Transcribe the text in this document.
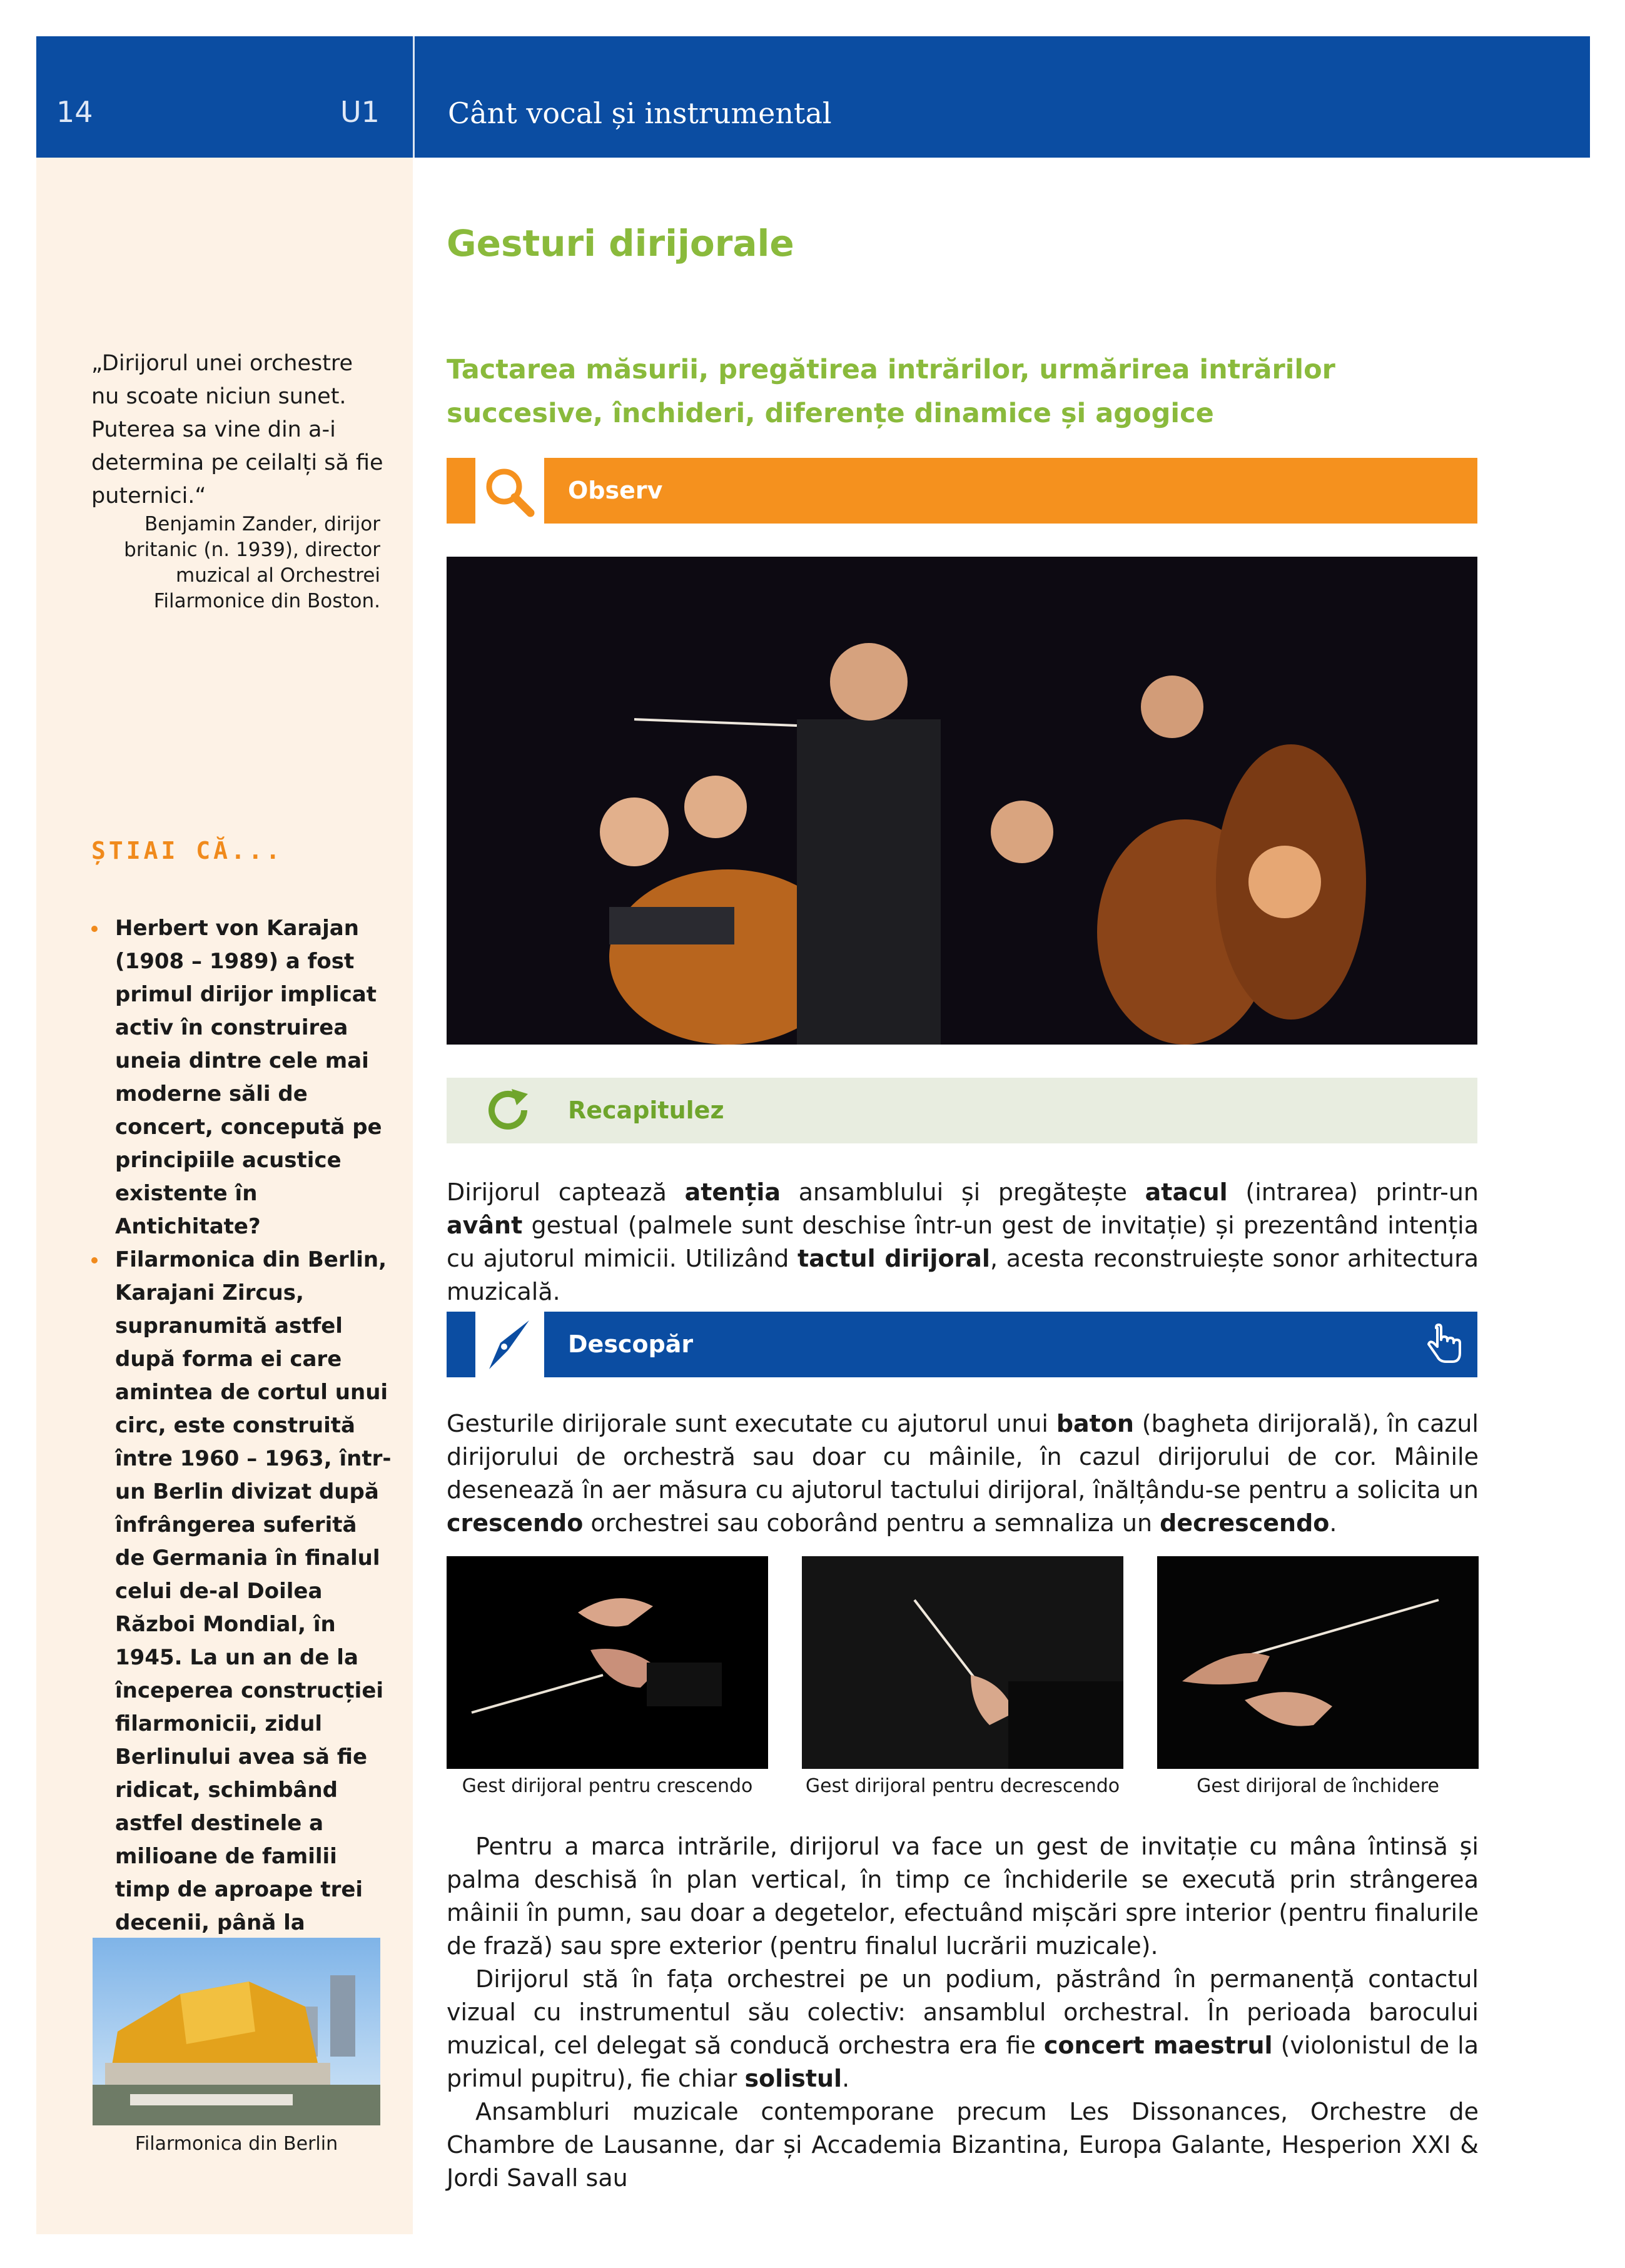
14	U1 Cânt vocal și instrumental
„Dirijorul unei orchestre nu scoate niciun sunet. Puterea sa vine din a-i determina pe ceilalți să fie puternici.“
Benjamin Zander, dirijor britanic (n. 1939), director muzical al Orchestrei Filarmonice din Boston.
ȘTIAI CĂ...
Herbert von Karajan (1908 – 1989) a fost primul dirijor implicat activ în construirea uneia dintre cele mai moderne săli de concert, concepută pe principiile acustice existente în Antichitate?
Filarmonica din Berlin, Karajani Zircus, supranumită astfel după forma ei care amintea de cortul unui circ, este construită între 1960 – 1963, într-un Berlin divizat după înfrângerea suferită de Germania în finalul celui de-al Doilea Război Mondial, în 1945. La un an de la începerea construcției filarmonicii, zidul Berlinului avea să fie ridicat, schimbând astfel destinele a milioane de familii timp de aproape trei decenii, până la
Filarmonica din Berlin
Gesturi dirijorale
Tactarea măsurii, pregătirea intrărilor, urmărirea intrărilor succesive, închideri, diferențe dinamice și agogice
Observ
Recapitulez
Dirijorul captează atenția ansamblului și pregătește atacul (intrarea) printr-un avânt gestual (palmele sunt deschise într-un gest de invitație) și prezentând intenția cu ajutorul mimicii. Utilizând tactul dirijoral, acesta reconstruiește sonor arhitectura muzicală.
Descopăr
Gesturile dirijorale sunt executate cu ajutorul unui baton (bagheta dirijorală), în cazul dirijorului de orchestră sau doar cu mâinile, în cazul dirijorului de cor. Mâinile desenează în aer măsura cu ajutorul tactului dirijoral, înălțându-se pentru a solicita un crescendo orchestrei sau coborând pentru a semnaliza un decrescendo.
Gest dirijoral pentru crescendo	Gest dirijoral pentru decrescendo	Gest dirijoral de închidere
Pentru a marca intrările, dirijorul va face un gest de invitație cu mâna întinsă și palma deschisă în plan vertical, în timp ce închiderile se execută prin strângerea mâinii în pumn, sau doar a degetelor, efectuând mișcări spre interior (pentru finalurile de frază) sau spre exterior (pentru finalul lucrării muzicale).
Dirijorul stă în fața orchestrei pe un podium, păstrând în permanență contactul vizual cu instrumentul său colectiv: ansamblul orchestral. În perioada barocului muzical, cel delegat să conducă orchestra era fie concert maestrul (violonistul de la primul pupitru), fie chiar solistul.
Ansambluri muzicale contemporane precum Les Dissonances, Orchestre de Chambre de Lausanne, dar și Accademia Bizantina, Europa Galante, Hesperion XXI & Jordi Savall sau
